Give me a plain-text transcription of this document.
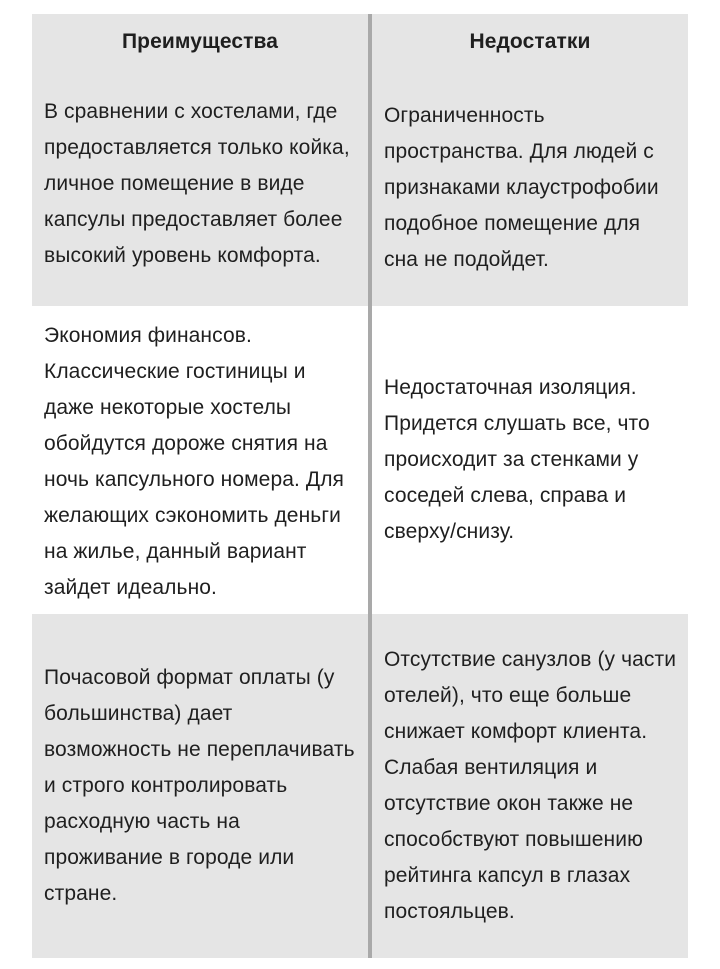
Преимущества	Недостатки
В сравнении с хостелами, где предоставляется только койка, личное помещение в виде капсулы предоставляет более высокий уровень комфорта.
Ограниченность пространства. Для людей с признаками клаустрофобии подобное помещение для сна не подойдет.
Экономия финансов. Классические гостиницы и даже некоторые хостелы обойдутся дороже снятия на ночь капсульного номера. Для желающих сэкономить деньги на жилье, данный вариант зайдет идеально.
Недостаточная изоляция. Придется слушать все, что происходит за стенками у соседей слева, справа и сверху/снизу.
Почасовой формат оплаты (у большинства) дает возможность не переплачивать и строго контролировать расходную часть на проживание в городе или стране.
Отсутствие санузлов (у части отелей), что еще больше снижает комфорт клиента. Слабая вентиляция и отсутствие окон также не способствуют повышению рейтинга капсул в глазах постояльцев.
